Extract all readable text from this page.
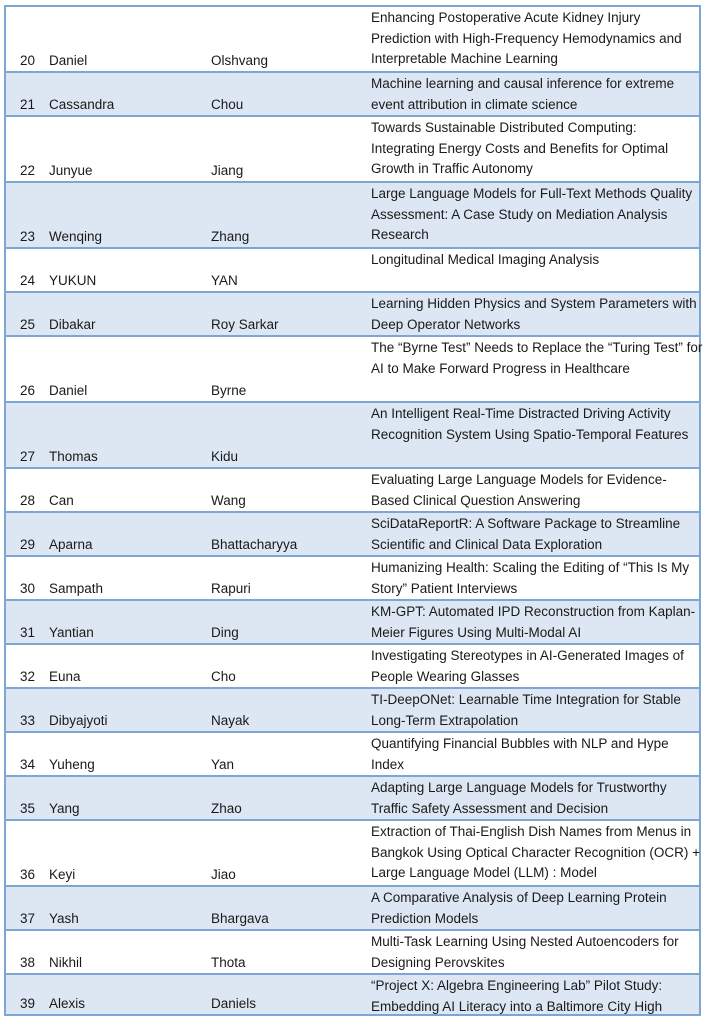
20 Daniel	Olshvang
Enhancing Postoperative Acute Kidney Injury Prediction with High-Frequency Hemodynamics and Interpretable Machine Learning
21 Cassandra	Chou
Machine learning and causal inference for extreme event attribution in climate science
22 Junyue	Jiang
Towards Sustainable Distributed Computing: Integrating Energy Costs and Benefits for Optimal Growth in Traffic Autonomy
23 Wenqing	Zhang
Large Language Models for Full-Text Methods Quality Assessment: A Case Study on Mediation Analysis Research
24 YUKUN	YAN
Longitudinal Medical Imaging Analysis
25 Dibakar	Roy Sarkar
Learning Hidden Physics and System Parameters with Deep Operator Networks
26 Daniel	Byrne
The “Byrne Test” Needs to Replace the “Turing Test” for AI to Make Forward Progress in Healthcare
27 Thomas	Kidu
An Intelligent Real-Time Distracted Driving Activity Recognition System Using Spatio-Temporal Features
28 Can	Wang
Evaluating Large Language Models for Evidence-Based Clinical Question Answering
29 Aparna	Bhattacharyya
SciDataReportR: A Software Package to Streamline Scientific and Clinical Data Exploration
30 Sampath	Rapuri
Humanizing Health: Scaling the Editing of “This Is My Story” Patient Interviews
31 Yantian	Ding
KM-GPT: Automated IPD Reconstruction from Kaplan-Meier Figures Using Multi-Modal AI
32 Euna	Cho
Investigating Stereotypes in AI-Generated Images of People Wearing Glasses
33 Dibyajyoti	Nayak
TI-DeepONet: Learnable Time Integration for Stable Long-Term Extrapolation
34 Yuheng	Yan
Quantifying Financial Bubbles with NLP and Hype Index
35 Yang	Zhao
Adapting Large Language Models for Trustworthy Traffic Safety Assessment and Decision
36 Keyi	Jiao
Extraction of Thai-English Dish Names from Menus in Bangkok Using Optical Character Recognition (OCR) + Large Language Model (LLM) : Model
37 Yash	Bhargava
A Comparative Analysis of Deep Learning Protein Prediction Models
38 Nikhil	Thota
Multi-Task Learning Using Nested Autoencoders for Designing Perovskites
39 Alexis	Daniels
“Project X: Algebra Engineering Lab” Pilot Study: Embedding AI Literacy into a Baltimore City High
